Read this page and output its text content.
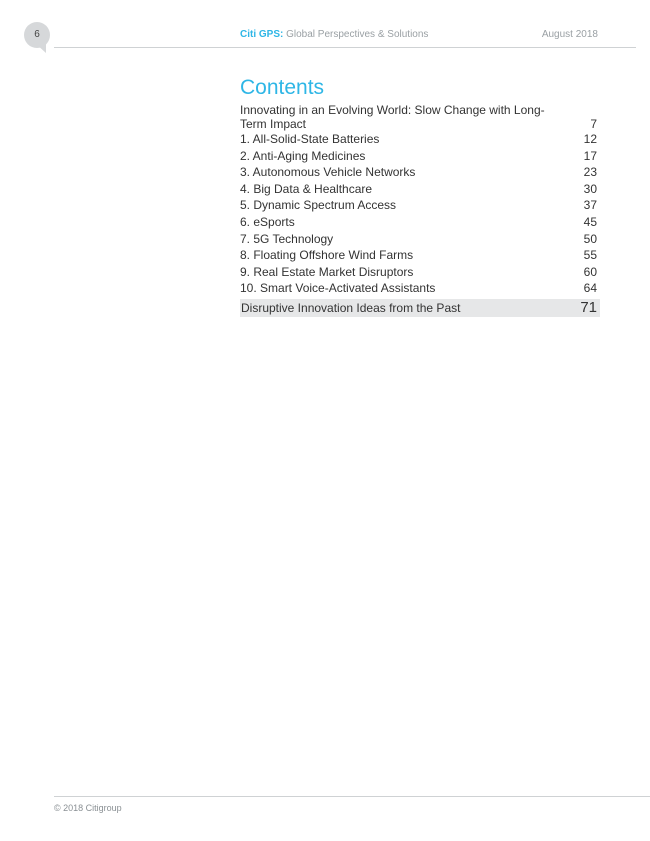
6	Citi GPS: Global Perspectives & Solutions	August 2018
Contents
Innovating in an Evolving World: Slow Change with Long-Term Impact	7
1. All-Solid-State Batteries	12
2. Anti-Aging Medicines	17
3. Autonomous Vehicle Networks	23
4. Big Data & Healthcare	30
5. Dynamic Spectrum Access	37
6. eSports	45
7. 5G Technology	50
8. Floating Offshore Wind Farms	55
9. Real Estate Market Disruptors	60
10. Smart Voice-Activated Assistants	64
Disruptive Innovation Ideas from the Past	71
© 2018 Citigroup
